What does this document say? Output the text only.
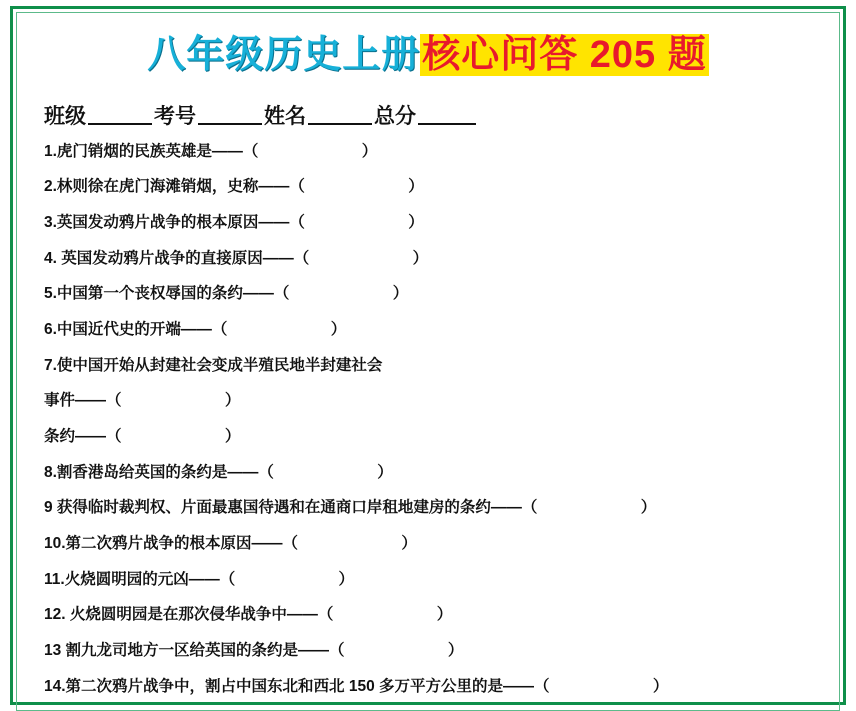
八年级历史上册核心问答 205 题
班级	考号	姓名	总分
1.虎门销烟的民族英雄是——（                        ）
2.林则徐在虎门海滩销烟，史称——（                        ）
3.英国发动鸦片战争的根本原因——（                        ）
4. 英国发动鸦片战争的直接原因——（                        ）
5.中国第一个丧权辱国的条约——（                        ）
6.中国近代史的开端——（                        ）
7.使中国开始从封建社会变成半殖民地半封建社会
事件——（                        ）
条约——（                        ）
8.割香港岛给英国的条约是——（                        ）
9 获得临时裁判权、片面最惠国待遇和在通商口岸租地建房的条约——（                        ）
10.第二次鸦片战争的根本原因——（                        ）
11.火烧圆明园的元凶——（                        ）
12. 火烧圆明园是在那次侵华战争中——（                        ）
13 割九龙司地方一区给英国的条约是——（                        ）
14.第二次鸦片战争中，割占中国东北和西北 150 多万平方公里的是——（                        ）
